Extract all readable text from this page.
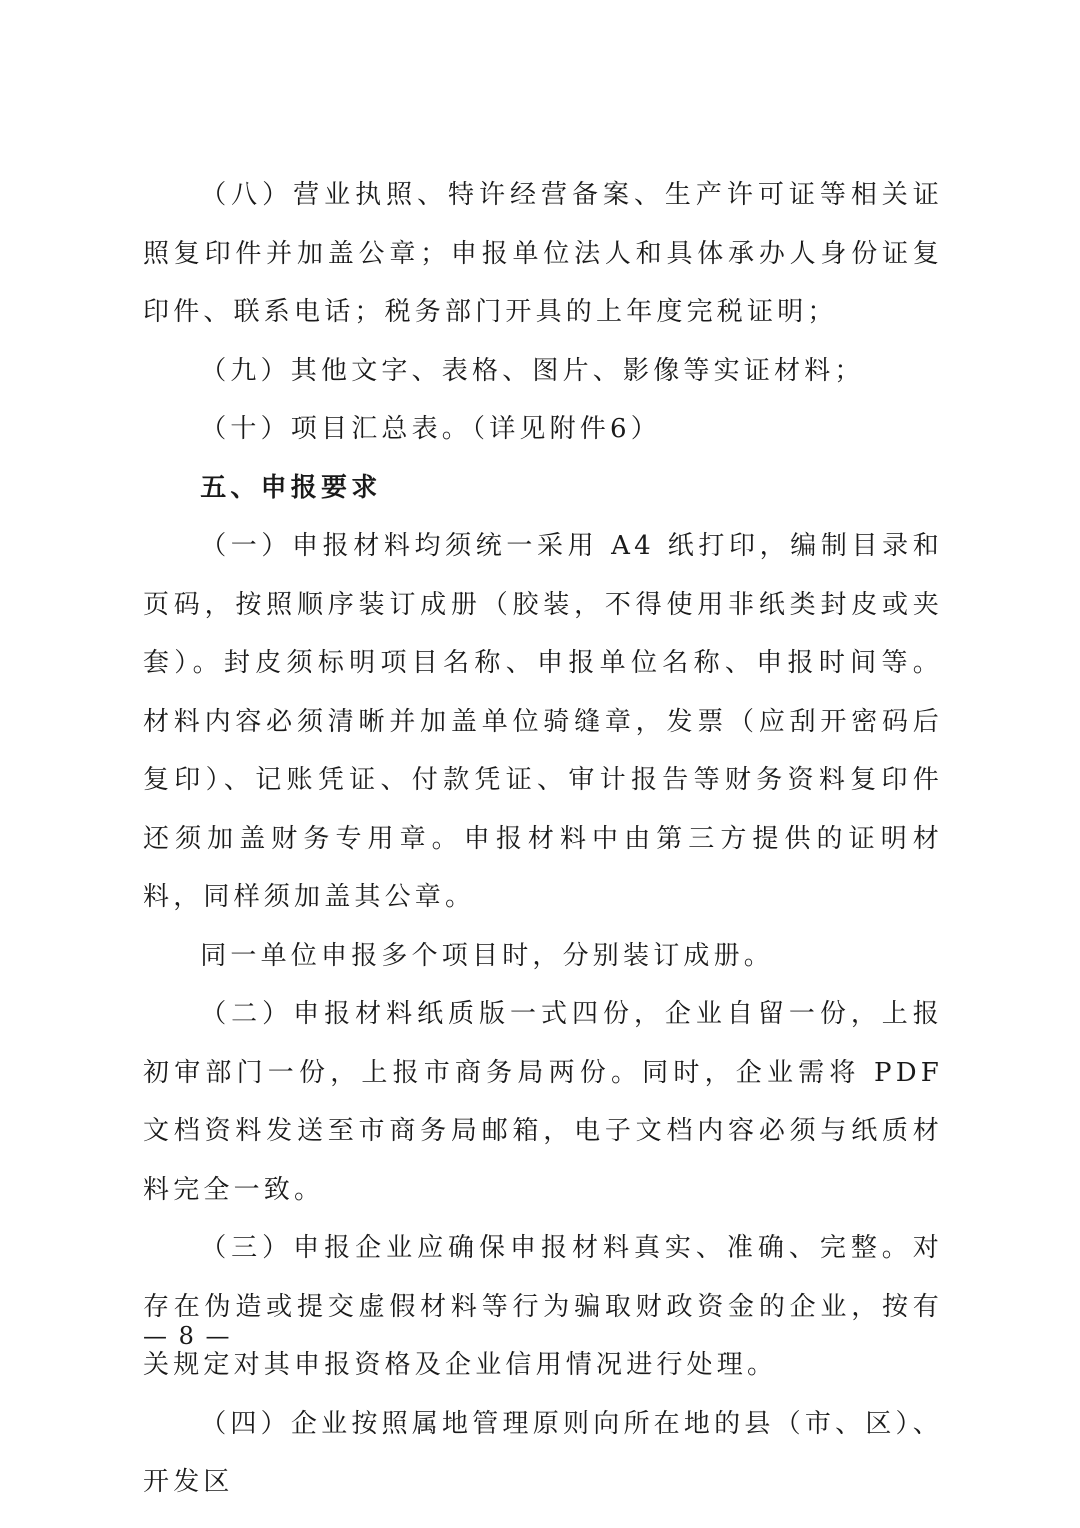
（八）营业执照、特许经营备案、生产许可证等相关证照复印件并加盖公章；申报单位法人和具体承办人身份证复印件、联系电话；税务部门开具的上年度完税证明；

（九）其他文字、表格、图片、影像等实证材料；

（十）项目汇总表。（详见附件6）

五、申报要求

（一）申报材料均须统一采用 A4 纸打印，编制目录和页码，按照顺序装订成册（胶装，不得使用非纸类封皮或夹套）。封皮须标明项目名称、申报单位名称、申报时间等。材料内容必须清晰并加盖单位骑缝章，发票（应刮开密码后复印）、记账凭证、付款凭证、审计报告等财务资料复印件还须加盖财务专用章。申报材料中由第三方提供的证明材料，同样须加盖其公章。

同一单位申报多个项目时，分别装订成册。

（二）申报材料纸质版一式四份，企业自留一份，上报初审部门一份，上报市商务局两份。同时，企业需将 PDF 文档资料发送至市商务局邮箱，电子文档内容必须与纸质材料完全一致。

（三）申报企业应确保申报材料真实、准确、完整。对存在伪造或提交虚假材料等行为骗取财政资金的企业，按有关规定对其申报资格及企业信用情况进行处理。

（四）企业按照属地管理原则向所在地的县（市、区）、开发区

— 8 —
